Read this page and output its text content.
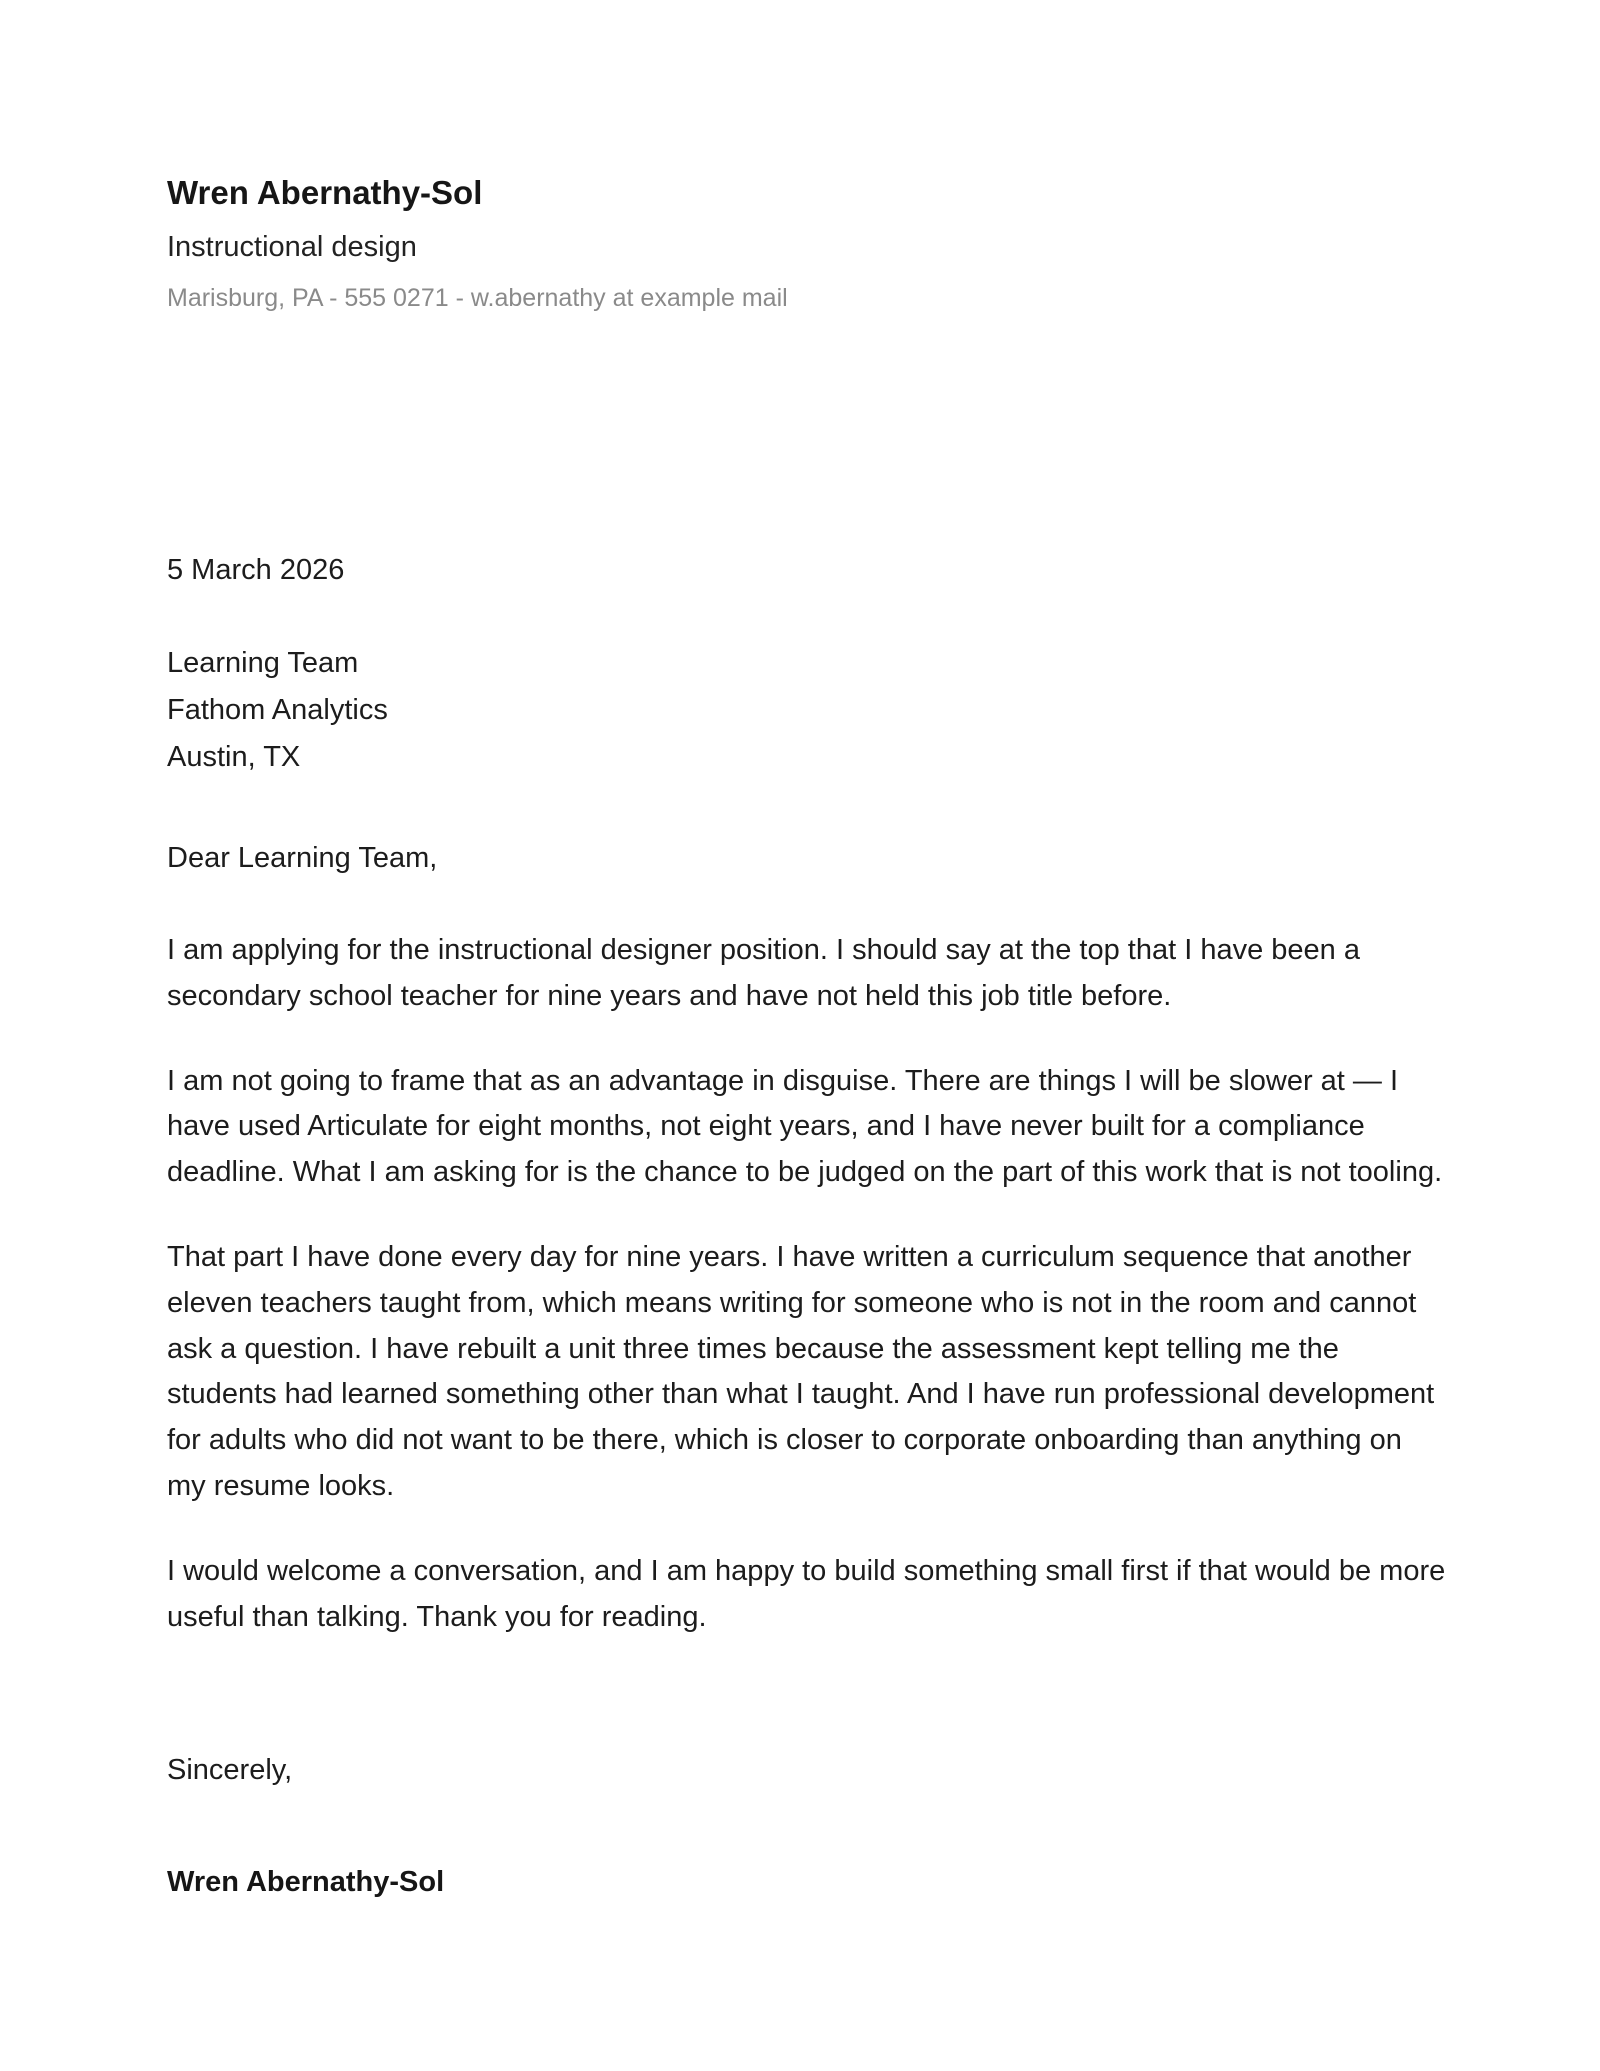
Wren Abernathy-Sol
Instructional design
Marisburg, PA - 555 0271 - w.abernathy at example mail
5 March 2026
Learning Team
Fathom Analytics
Austin, TX
Dear Learning Team,

I am applying for the instructional designer position. I should say at the top that I have been a secondary school teacher for nine years and have not held this job title before.

I am not going to frame that as an advantage in disguise. There are things I will be slower at — I have used Articulate for eight months, not eight years, and I have never built for a compliance deadline. What I am asking for is the chance to be judged on the part of this work that is not tooling.

That part I have done every day for nine years. I have written a curriculum sequence that another eleven teachers taught from, which means writing for someone who is not in the room and cannot ask a question. I have rebuilt a unit three times because the assessment kept telling me the students had learned something other than what I taught. And I have run professional development for adults who did not want to be there, which is closer to corporate onboarding than anything on my resume looks.

I would welcome a conversation, and I am happy to build something small first if that would be more useful than talking. Thank you for reading.

Sincerely,
Wren Abernathy-Sol
